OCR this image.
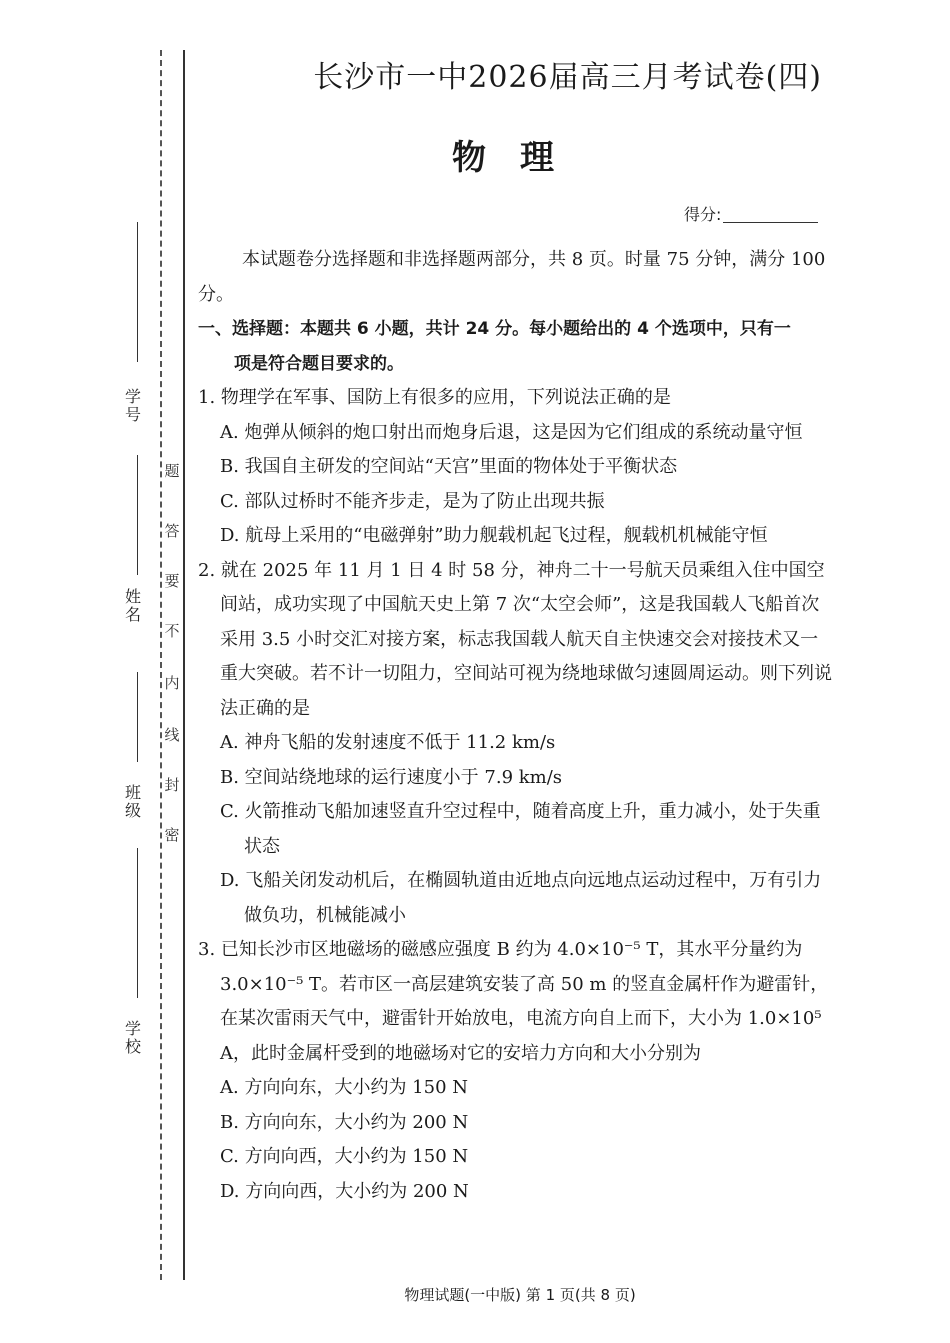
题
答
要
不
内
线
封
密
学 号
姓 名
班 级
学 校
长沙市一中2026届高三月考试卷(四)
物理
得分:

本试题卷分选择题和非选择题两部分，共 8 页。时量 75 分钟，满分 100 分。

一、选择题：本题共 6 小题，共计 24 分。每小题给出的 4 个选项中，只有一
项是符合题目要求的。

1. 物理学在军事、国防上有很多的应用，下列说法正确的是

A. 炮弹从倾斜的炮口射出而炮身后退，这是因为它们组成的系统动量守恒

B. 我国自主研发的空间站“天宫”里面的物体处于平衡状态

C. 部队过桥时不能齐步走，是为了防止出现共振

D. 航母上采用的“电磁弹射”助力舰载机起飞过程，舰载机机械能守恒

2. 就在 2025 年 11 月 1 日 4 时 58 分，神舟二十一号航天员乘组入住中国空间站，成功实现了中国航天史上第 7 次“太空会师”，这是我国载人飞船首次采用 3.5 小时交汇对接方案，标志我国载人航天自主快速交会对接技术又一重大突破。若不计一切阻力，空间站可视为绕地球做匀速圆周运动。则下列说法正确的是

A. 神舟飞船的发射速度不低于 11.2 km/s

B. 空间站绕地球的运行速度小于 7.9 km/s

C. 火箭推动飞船加速竖直升空过程中，随着高度上升，重力减小，处于失重状态

D. 飞船关闭发动机后，在椭圆轨道由近地点向远地点运动过程中，万有引力做负功，机械能减小

3. 已知长沙市区地磁场的磁感应强度 B 约为 4.0×10⁻⁵ T，其水平分量约为 3.0×10⁻⁵ T。若市区一高层建筑安装了高 50 m 的竖直金属杆作为避雷针，在某次雷雨天气中，避雷针开始放电，电流方向自上而下，大小为 1.0×10⁵ A，此时金属杆受到的地磁场对它的安培力方向和大小分别为

A. 方向向东，大小约为 150 N

B. 方向向东，大小约为 200 N

C. 方向向西，大小约为 150 N

D. 方向向西，大小约为 200 N

物理试题(一中版) 第 1 页(共 8 页)
